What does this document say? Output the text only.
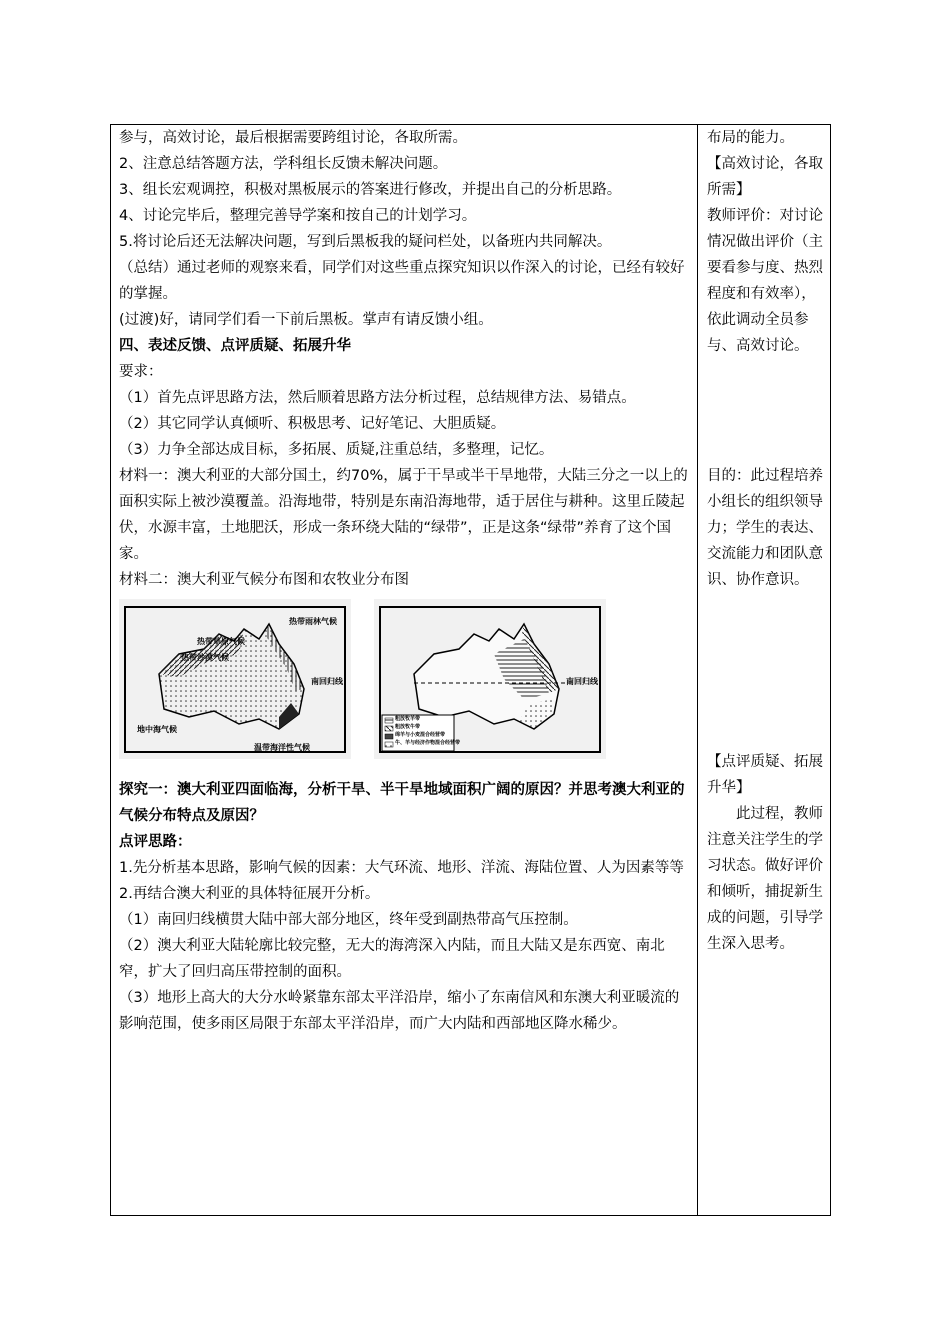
参与，高效讨论，最后根据需要跨组讨论，各取所需。

2、注意总结答题方法，学科组长反馈未解决问题。

3、组长宏观调控，积极对黑板展示的答案进行修改，并提出自己的分析思路。

4、讨论完毕后，整理完善导学案和按自己的计划学习。

5.将讨论后还无法解决问题，写到后黑板我的疑问栏处，以备班内共同解决。

（总结）通过老师的观察来看，同学们对这些重点探究知识以作深入的讨论，已经有较好的掌握。

(过渡)好，请同学们看一下前后黑板。掌声有请反馈小组。

四、表述反馈、点评质疑、拓展升华

要求：

（1）首先点评思路方法，然后顺着思路方法分析过程，总结规律方法、易错点。

（2）其它同学认真倾听、积极思考、记好笔记、大胆质疑。

（3）力争全部达成目标，多拓展、质疑,注重总结，多整理，记忆。

材料一：澳大利亚的大部分国土，约70%，属于干旱或半干旱地带，大陆三分之一以上的面积实际上被沙漠覆盖。沿海地带，特别是东南沿海地带，适于居住与耕种。这里丘陵起伏，水源丰富，土地肥沃，形成一条环绕大陆的“绿带”，正是这条“绿带”养育了这个国家。

材料二：澳大利亚气候分布图和农牧业分布图

热带沙漠气候
热带雨林气候
热带草原气候
地中海气候
温带海洋性气候
南回归线
粗放牧羊带
粗放牧牛带
绵羊与小麦混合经营带
牛、羊与经济作物混合经营带
南回归线

探究一：澳大利亚四面临海，分析干旱、半干旱地域面积广阔的原因？并思考澳大利亚的气候分布特点及原因？

点评思路：

1.先分析基本思路，影响气候的因素：大气环流、地形、洋流、海陆位置、人为因素等等

2.再结合澳大利亚的具体特征展开分析。

（1）南回归线横贯大陆中部大部分地区，终年受到副热带高气压控制。

（2）澳大利亚大陆轮廓比较完整，无大的海湾深入内陆，而且大陆又是东西宽、南北窄，扩大了回归高压带控制的面积。

（3）地形上高大的大分水岭紧靠东部太平洋沿岸，缩小了东南信风和东澳大利亚暖流的影响范围，使多雨区局限于东部太平洋沿岸，而广大内陆和西部地区降水稀少。

布局的能力。

【高效讨论，各取所需】

教师评价：对讨论情况做出评价（主要看参与度、热烈程度和有效率），依此调动全员参与、高效讨论。

目的：此过程培养小组长的组织领导力；学生的表达、交流能力和团队意识、协作意识。

【点评质疑、拓展升华】

此过程，教师注意关注学生的学习状态。做好评价和倾听，捕捉新生成的问题，引导学生深入思考。
